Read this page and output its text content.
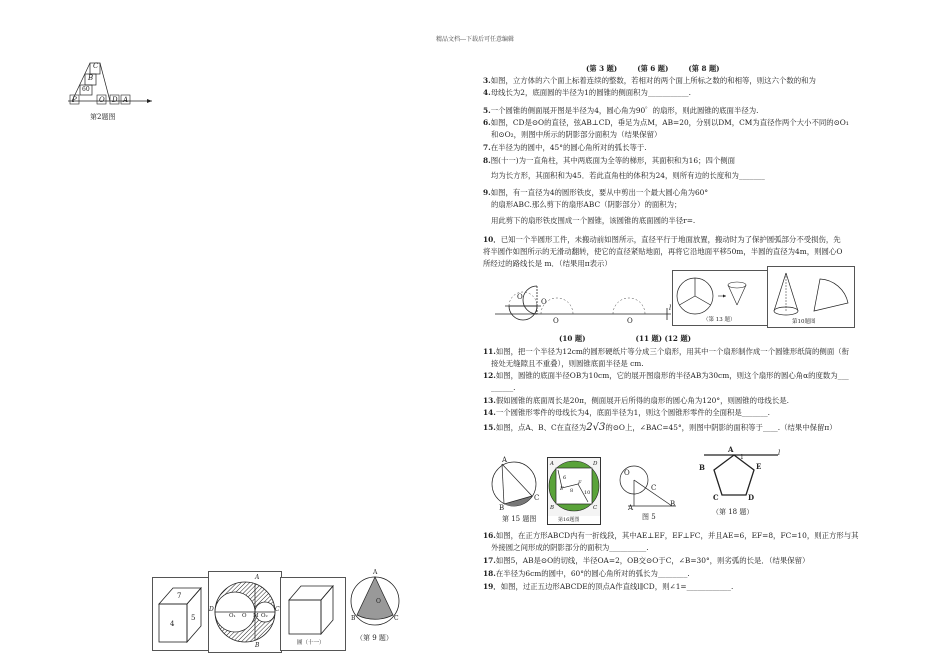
精品文档---下载后可任意编辑
C
B
60
P	O D A
第2题图
(第 3 题)        (第 6 题)        (第 8 题)
3.如图，立方体的六个面上标着连续的整数，若相对的两个面上所标之数的和相等，则这六个数的和为
4.母线长为2，底面圆的半径为1的圆锥的侧面积为___________.
5.一个圆锥的侧面展开图是半径为4，圆心角为90゜的扇形，则此圆锥的底面半径为.
6.如图，CD是⊙O的直径，弦AB⊥CD，垂足为点M，AB=20，分别以DM，CM为直径作两个大小不同的⊙O₁
和⊙O₂，则图中所示的阴影部分面积为（结果保留）
7.在半径为的圆中，45°的圆心角所对的弧长等于.
8.图(十一)为一直角柱，其中两底面为全等的梯形，其面积和为16；四个侧面
均为长方形，其面积和为45．若此直角柱的体积为24，则所有边的长度和为_______
9.如图，有一直径为4的圆形铁皮，要从中剪出一个最大圆心角为60°
的扇形ABC.那么剪下的扇形ABC（阴影部分）的面积为；
用此剪下的扇形铁皮围成一个圆锥，该圆锥的底面圆的半径r=.
10．已知一个半圆形工件，未搬动前如图所示，直径平行于地面放置，搬动时为了保护圆弧部分不受损伤，先
将半圆作如图所示的无滑动翻转，使它的直径紧贴地面，再将它沿地面平移50m，半圆的直径为4m，则圆心O
所经过的路线长是 m．（结果用π表示）
O
O
O	O
l
（第 13 题）	第10题图
(10 题)                    (11 题) (12 题)
11.如图，把一个半径为12cm的圆形硬纸片等分成三个扇形，用其中一个扇形制作成一个圆锥形纸筒的侧面（衔
接处无缝隙且不重叠），则圆锥底面半径是 cm.
12.如图，圆锥的底面半径OB为10cm，它的展开图扇形的半径AB为30cm，则这个扇形的圆心角α的度数为___
______.
13.假如圆锥的底面周长是20π，侧面展开后所得的扇形的圆心角为120°，则圆锥的母线长是.
14.一个圆锥形零件的母线长为4，底面半径为1，则这个圆锥形零件的全面积是_______.
15.如图，点A、B、C在直径为2√3的⊙O上，∠BAC=45°，则图中阴影的面积等于____.（结果中保留π）
A
B
C
第 15 题图
A	D
B	C
E
F
6
10
8
第16题图
O
A
C
B
图 5
A
B	E
C	D
1
l
（第 18 题）
16.如图，在正方形ABCD内有一折线段，其中AE⊥EF，EF⊥FC，并且AE=6，EF=8，FC=10，则正方形与其
外接圆之间形成的阴影部分的面积为__________.
17.如图5，AB是⊙O的切线，半径OA=2，OB交⊙O于C，∠B=30°，则劣弧的长是．（结果保留）
18.在半径为6cm的圆中，60°的圆心角所对的弧长为________.
19．如图，过正五边形ABCDE的顶点A作直线l∥CD，则∠1=____________.
7
4
5
A
D
O₁ O M O₂
C
B	圖（十一）
A
B	C
O
（第 9 题）
